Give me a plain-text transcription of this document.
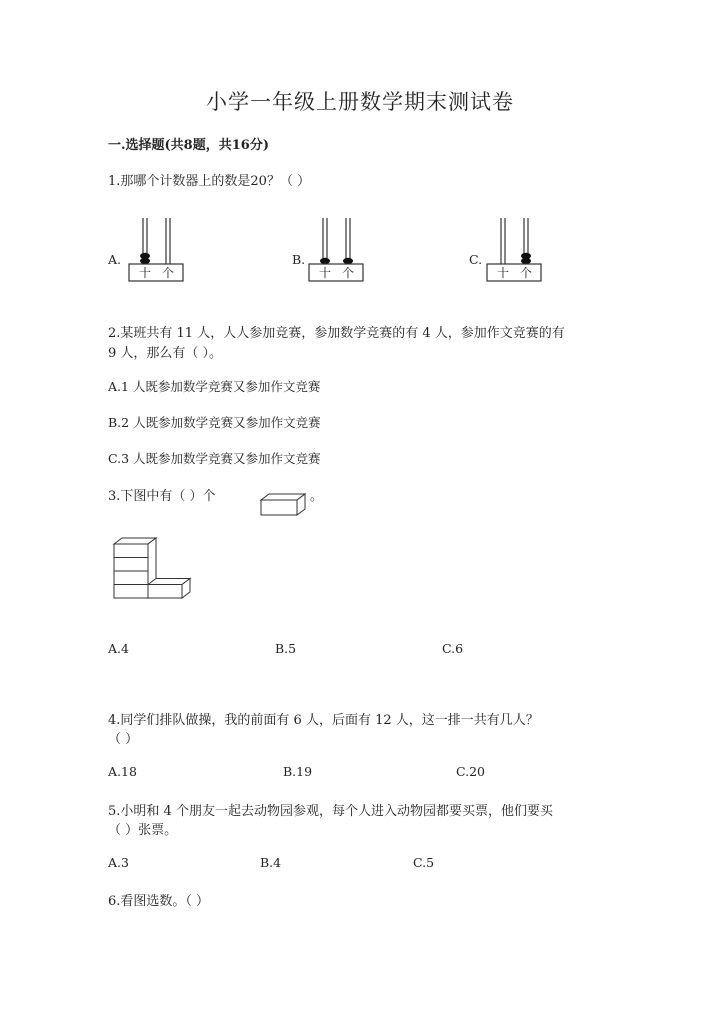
小学一年级上册数学期末测试卷
一.选择题(共8题，共16分)
1.那哪个计数器上的数是20？（ ）
A.
十 个
B.
十 个
C.
十 个
2.某班共有 11 人，人人参加竞赛，参加数学竞赛的有 4 人，参加作文竞赛的有
9 人，那么有（ ）。
A.1 人既参加数学竞赛又参加作文竞赛
B.2 人既参加数学竞赛又参加作文竞赛
C.3 人既参加数学竞赛又参加作文竞赛
3.下图中有（ ）个	。
A.4	B.5	C.6
4.同学们排队做操，我的前面有 6 人，后面有 12 人，这一排一共有几人？
（ ）
A.18	B.19	C.20
5.小明和 4 个朋友一起去动物园参观，每个人进入动物园都要买票，他们要买
（ ）张票。
A.3	B.4	C.5
6.看图选数。（ ）
